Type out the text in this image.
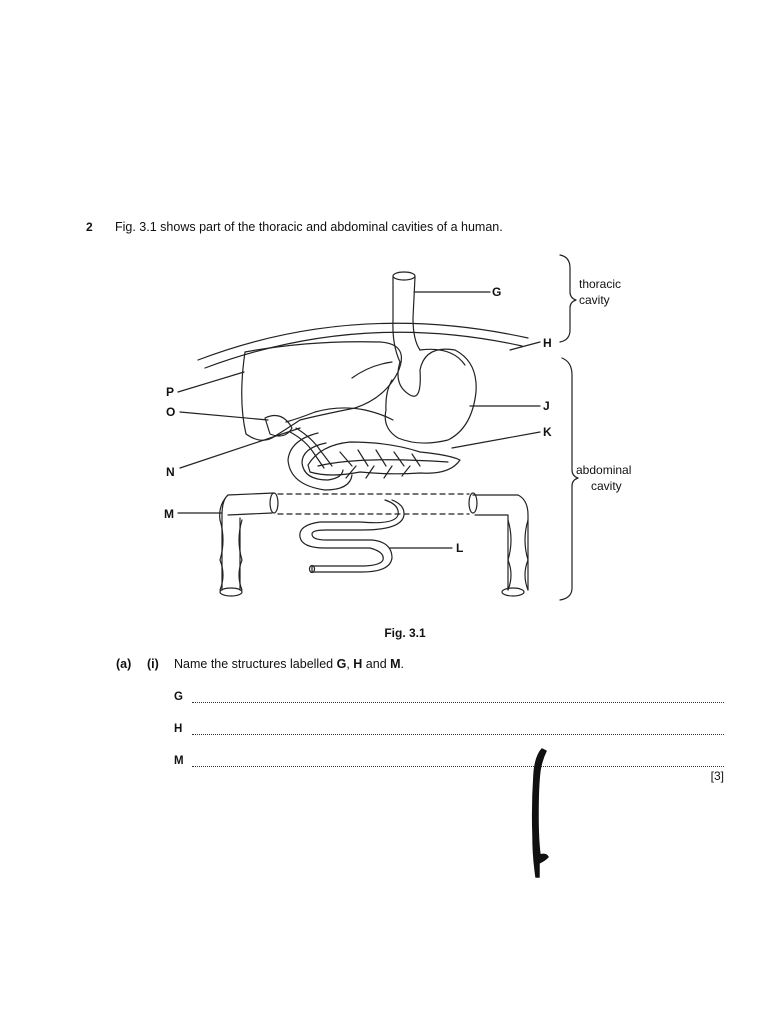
2 Fig. 3.1 shows part of the thoracic and abdominal cavities of a human.
G
H
P
O
N
J
K
M
L
thoracic
cavity
abdominal
cavity
Fig. 3.1
(a) (i) Name the structures labelled G, H and M.
G
H
M
[3]
